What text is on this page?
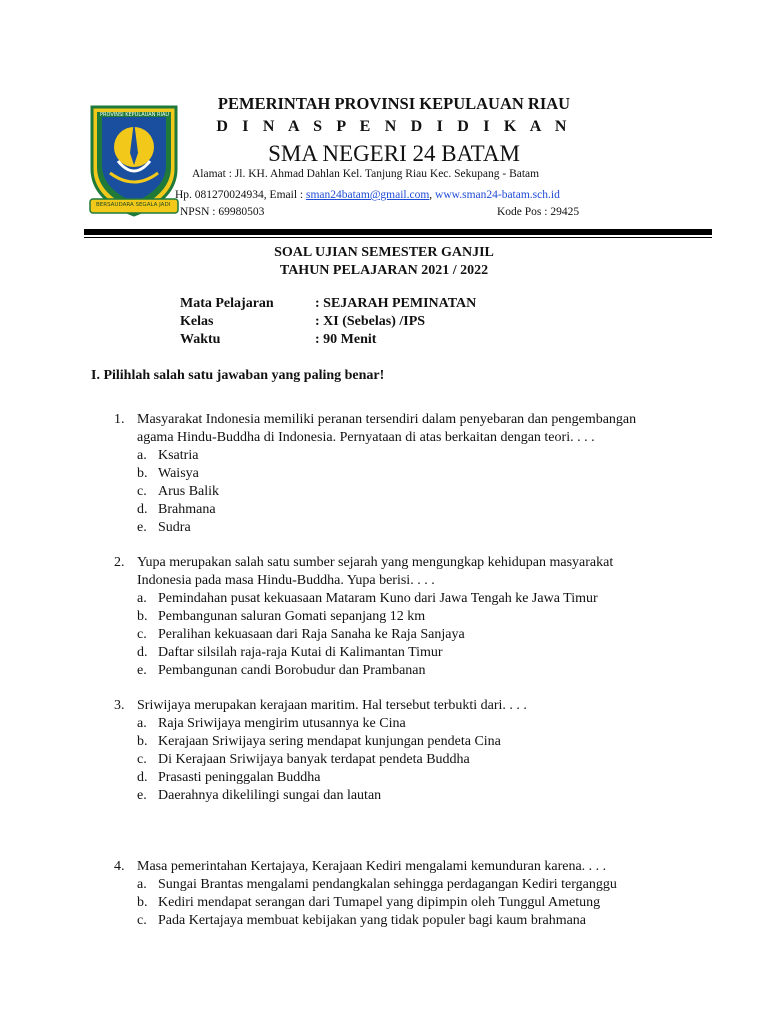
PROVINSI KEPULAUAN RIAU
BERSAUDARA SEGALA JADI
PEMERINTAH PROVINSI KEPULAUAN RIAU
D I N A S P E N D I D I K A N
SMA NEGERI 24 BATAM
Alamat : Jl. KH. Ahmad Dahlan Kel. Tanjung Riau Kec. Sekupang - Batam
Hp. 081270024934, Email : sman24batam@gmail.com, www.sman24-batam.sch.id
NPSN : 69980503	Kode Pos : 29425
SOAL UJIAN SEMESTER GANJIL
TAHUN PELAJARAN 2021 / 2022
Mata Pelajaran	: SEJARAH PEMINATAN
Kelas	: XI (Sebelas) /IPS
Waktu	: 90 Menit
I. Pilihlah salah satu jawaban yang paling benar!
1. Masyarakat Indonesia memiliki peranan tersendiri dalam penyebaran dan pengembangan
agama Hindu-Buddha di Indonesia. Pernyataan di atas berkaitan dengan teori. . . .
a. Ksatria
b. Waisya
c. Arus Balik
d. Brahmana
e. Sudra
2. Yupa merupakan salah satu sumber sejarah yang mengungkap kehidupan masyarakat
Indonesia pada masa Hindu-Buddha. Yupa berisi. . . .
a. Pemindahan pusat kekuasaan Mataram Kuno dari Jawa Tengah ke Jawa Timur
b. Pembangunan saluran Gomati sepanjang 12 km
c. Peralihan kekuasaan dari Raja Sanaha ke Raja Sanjaya
d. Daftar silsilah raja-raja Kutai di Kalimantan Timur
e. Pembangunan candi Borobudur dan Prambanan
3. Sriwijaya merupakan kerajaan maritim. Hal tersebut terbukti dari. . . .
a. Raja Sriwijaya mengirim utusannya ke Cina
b. Kerajaan Sriwijaya sering mendapat kunjungan pendeta Cina
c. Di Kerajaan Sriwijaya banyak terdapat pendeta Buddha
d. Prasasti peninggalan Buddha
e. Daerahnya dikelilingi sungai dan lautan
4. Masa pemerintahan Kertajaya, Kerajaan Kediri mengalami kemunduran karena. . . .
a. Sungai Brantas mengalami pendangkalan sehingga perdagangan Kediri terganggu
b. Kediri mendapat serangan dari Tumapel yang dipimpin oleh Tunggul Ametung
c. Pada Kertajaya membuat kebijakan yang tidak populer bagi kaum brahmana
